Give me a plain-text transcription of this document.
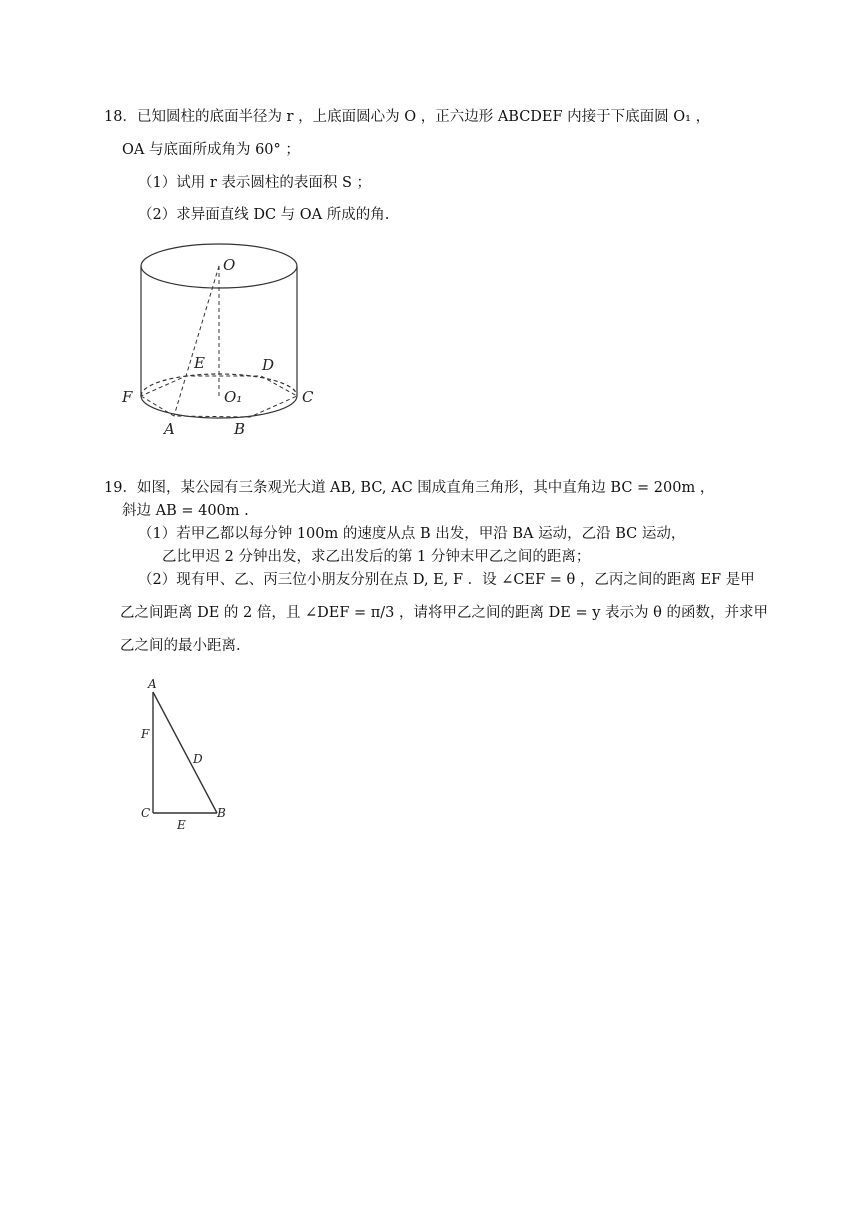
18．已知圆柱的底面半径为 r ，上底面圆心为 O ，正六边形 ABCDEF 内接于下底面圆 O₁ ，
OA 与底面所成角为 60° ；
（1）试用 r 表示圆柱的表面积 S ；
（2）求异面直线 DC 与 OA 所成的角.
O
E	D
F	O₁	C
A	B
19．如图，某公园有三条观光大道 AB, BC, AC 围成直角三角形，其中直角边 BC = 200m ，
斜边 AB = 400m .
（1）若甲乙都以每分钟 100m 的速度从点 B 出发，甲沿 BA 运动，乙沿 BC 运动，
乙比甲迟 2 分钟出发，求乙出发后的第 1 分钟末甲乙之间的距离；
（2）现有甲、乙、丙三位小朋友分别在点 D, E, F ．设 ∠CEF = θ ，乙丙之间的距离 EF 是甲
乙之间距离 DE 的 2 倍，且 ∠DEF = π/3 ，请将甲乙之间的距离 DE = y 表示为 θ 的函数，并求甲
乙之间的最小距离.
A
F
D
C	B
E
